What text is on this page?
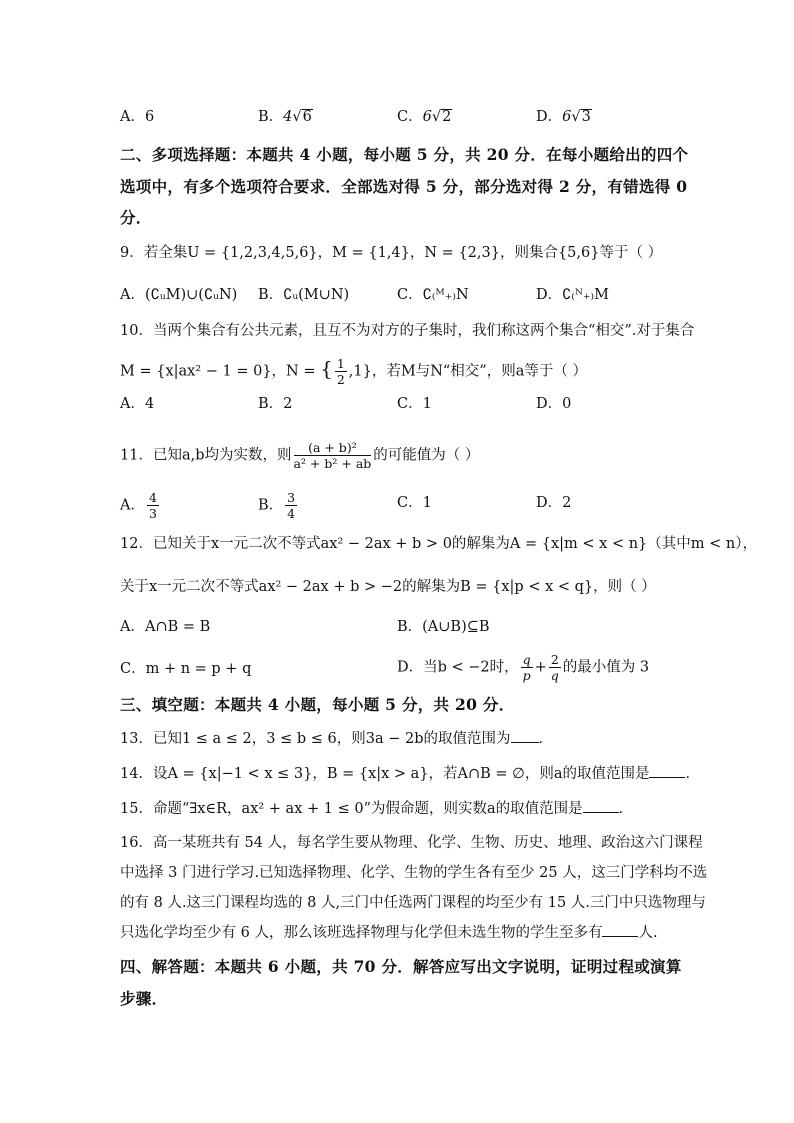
A．6	B．4√6	C．6√2	D．6√3
二、多项选择题：本题共 4 小题，每小题 5 分，共 20 分．在每小题给出的四个
选项中，有多个选项符合要求．全部选对得 5 分，部分选对得 2 分，有错选得 0
分．
9．若全集U = {1,2,3,4,5,6}，M = {1,4}，N = {2,3}，则集合{5,6}等于（ ）
A．(∁ᵤM)∪(∁ᵤN) B．∁ᵤ(M∪N)	C．∁₍ᴹ₊₎N	D．∁₍ᴺ₊₎M
10．当两个集合有公共元素，且互不为对方的子集时，我们称这两个集合“相交”.对于集合
M = {x|ax² − 1 = 0}，N = { $\frac{1}{2} ,1$}，若M与N“相交”，则a等于（ ）
A．4	B．2	C．1	D．0
11．已知a,b均为实数，则 $\frac{\text{(a + b)²}}{\text{a² + b² + ab}}$ 的可能值为（ ）
A． $\frac{4}{3}$	B． $\frac{3}{4}$	C．1	D．2
12．已知关于x一元二次不等式ax² − 2ax + b > 0的解集为A = {x|m < x < n}（其中m < n），
关于x一元二次不等式ax² − 2ax + b > −2的解集为B = {x|p < x < q}，则（ ）
A．A∩B = B	B．(A∪B)⊆B
C．m + n = p + q	D．当b < −2时， $\frac{q}{p} + \frac{2}{q}$ 的最小值为 3
三、填空题：本题共 4 小题，每小题 5 分，共 20 分．
13．已知1 ≤ a ≤ 2，3 ≤ b ≤ 6，则3a − 2b的取值范围为 ．
14．设A = {x|−1 < x ≤ 3}，B = {x|x > a}，若A∩B = ∅，则a的取值范围是 ．
15．命题“∃x∈R，ax² + ax + 1 ≤ 0”为假命题，则实数a的取值范围是 ．
16．高一某班共有 54 人，每名学生要从物理、化学、生物、历史、地理、政治这六门课程
中选择 3 门进行学习.已知选择物理、化学、生物的学生各有至少 25 人，这三门学科均不选
的有 8 人.这三门课程均选的 8 人,三门中任选两门课程的均至少有 15 人.三门中只选物理与
只选化学均至少有 6 人，那么该班选择物理与化学但未选生物的学生至多有 人.
四、解答题：本题共 6 小题，共 70 分．解答应写出文字说明，证明过程或演算
步骤．
